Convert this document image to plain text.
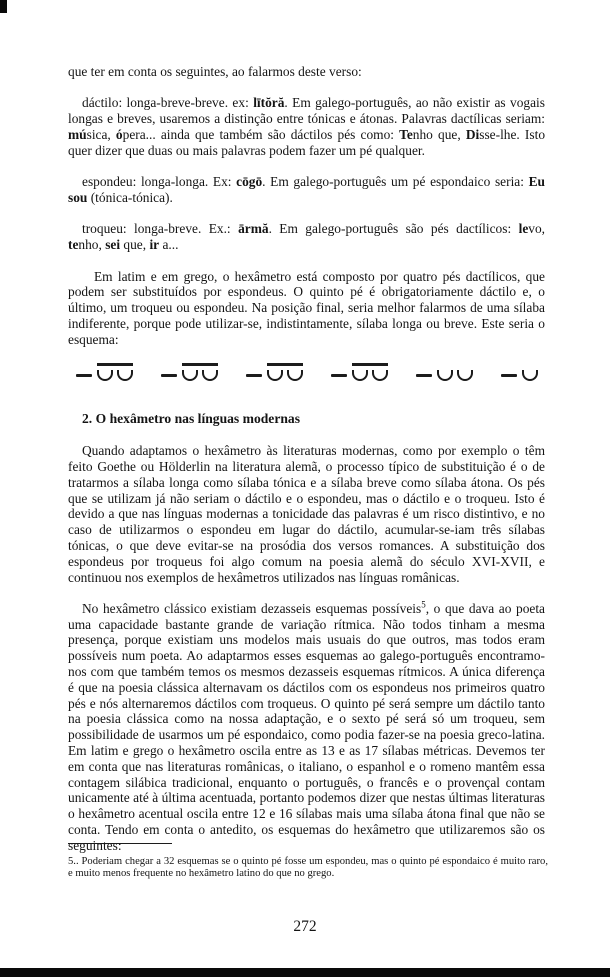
que ter em conta os seguintes, ao falarmos deste verso:

dáctilo: longa-breve-breve. ex: lītŏră. Em galego-português, ao não existir as vogais longas e breves, usaremos a distinção entre tónicas e átonas. Palavras dactílicas seriam: música, ópera... ainda que também são dáctilos pés como: Tenho que, Disse-lhe. Isto quer dizer que duas ou mais palavras podem fazer um pé qualquer.

espondeu: longa-longa. Ex: cōgō. Em galego-português um pé espondaico seria: Eu sou (tónica-tónica).

troqueu: longa-breve. Ex.: ārmă. Em galego-português são pés dactílicos: levo, tenho, sei que, ir a...

Em latim e em grego, o hexâmetro está composto por quatro pés dactílicos, que podem ser substituídos por espondeus. O quinto pé é obrigatoriamente dáctilo e, o último, um troqueu ou espondeu. Na posição final, seria melhor falarmos de uma sílaba indiferente, porque pode utilizar-se, indistintamente, sílaba longa ou breve. Este seria o esquema:

2. O hexâmetro nas línguas modernas

Quando adaptamos o hexâmetro às literaturas modernas, como por exemplo o têm feito Goethe ou Hölderlin na literatura alemã, o processo típico de substituição é o de tratarmos a sílaba longa como sílaba tónica e a sílaba breve como sílaba átona. Os pés que se utilizam já não seriam o dáctilo e o espondeu, mas o dáctilo e o troqueu. Isto é devido a que nas línguas modernas a tonicidade das palavras é um risco distintivo, e no caso de utilizarmos o espondeu em lugar do dáctilo, acumular-se-iam três sílabas tónicas, o que deve evitar-se na prosódia dos versos romances. A substituição dos espondeus por troqueus foi algo comum na poesia alemã do século XVI-XVII, e continuou nos exemplos de hexâmetros utilizados nas línguas românicas.

No hexâmetro clássico existiam dezasseis esquemas possíveis$^5$, o que dava ao poeta uma capacidade bastante grande de variação rítmica. Não todos tinham a mesma presença, porque existiam uns modelos mais usuais do que outros, mas todos eram possíveis num poeta. Ao adaptarmos esses esquemas ao galego-português encontramo-nos com que também temos os mesmos dezasseis esquemas rítmicos. A única diferença é que na poesia clássica alternavam os dáctilos com os espondeus nos primeiros quatro pés e nós alternaremos dáctilos com troqueus. O quinto pé será sempre um dáctilo tanto na poesia clássica como na nossa adaptação, e o sexto pé será só um troqueu, sem possibilidade de usarmos um pé espondaico, como podia fazer-se na poesia greco-latina. Em latim e grego o hexâmetro oscila entre as 13 e as 17 sílabas métricas. Devemos ter em conta que nas literaturas românicas, o italiano, o espanhol e o romeno mantêm essa contagem silábica tradicional, enquanto o português, o francês e o provençal contam unicamente até à última acentuada, portanto podemos dizer que nestas últimas literaturas o hexâmetro acentual oscila entre 12 e 16 sílabas mais uma sílaba átona final que não se conta. Tendo em conta o antedito, os esquemas do hexâmetro que utilizaremos são os seguintes:

5.. Poderiam chegar a 32 esquemas se o quinto pé fosse um espondeu, mas o quinto pé espondaico é muito raro, e muito menos frequente no hexâmetro latino do que no grego.
272
